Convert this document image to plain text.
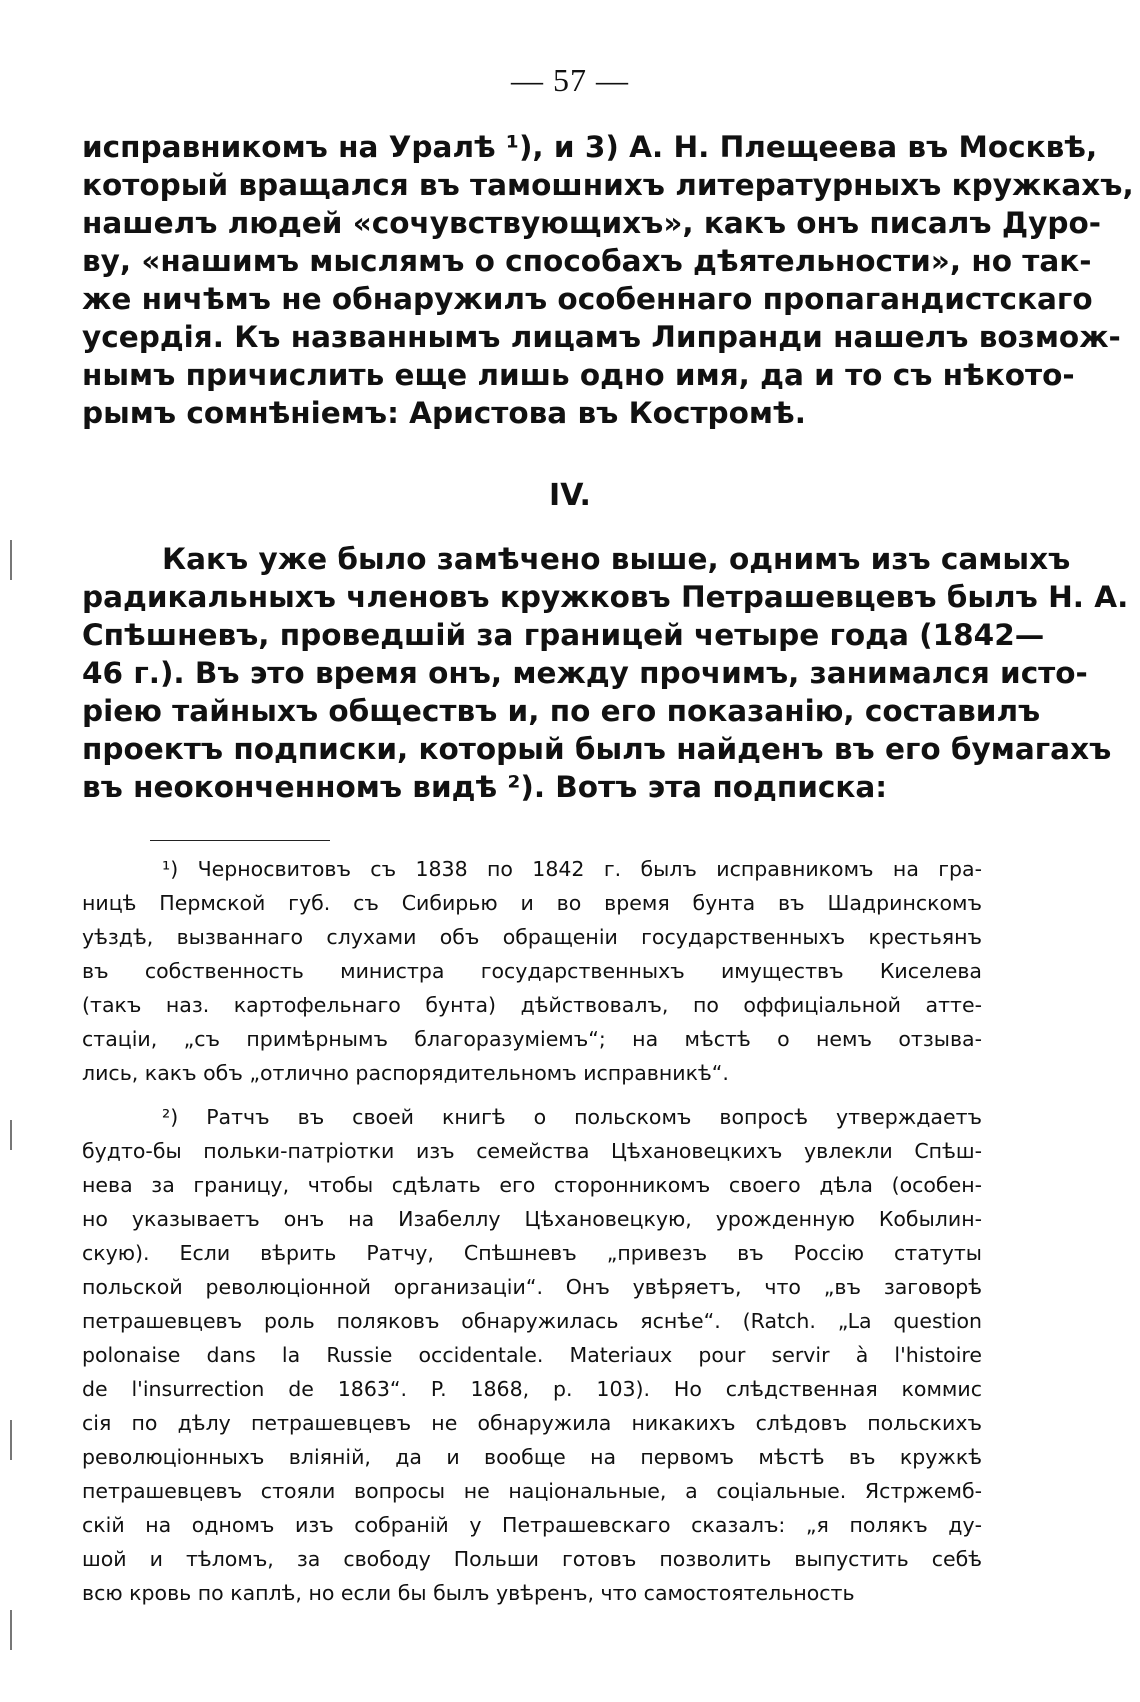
— 57 —
исправникомъ на Уралѣ ¹), и 3) А. Н. Плещеева въ Москвѣ,
который вращался въ тамошнихъ литературныхъ кружкахъ,
нашелъ людей «сочувствующихъ», какъ онъ писалъ Дуро-
ву, «нашимъ мыслямъ о способахъ дѣятельности», но так-
же ничѣмъ не обнаружилъ особеннаго пропагандистскаго
усердія. Къ названнымъ лицамъ Липранди нашелъ возмож-
нымъ причислить еще лишь одно имя, да и то съ нѣкото-
рымъ сомнѣніемъ: Аристова въ Костромѣ.
IV.
Какъ уже было замѣчено выше, однимъ изъ самыхъ
радикальныхъ членовъ кружковъ Петрашевцевъ былъ Н. А.
Спѣшневъ, проведшій за границей четыре года (1842—
46 г.). Въ это время онъ, между прочимъ, занимался исто-
ріею тайныхъ обществъ и, по его показанію, составилъ
проектъ подписки, который былъ найденъ въ его бумагахъ
въ неоконченномъ видѣ ²). Вотъ эта подписка:
¹) Черносвитовъ съ 1838 по 1842 г. былъ исправникомъ на гра-
ницѣ Пермской губ. съ Сибирью и во время бунта въ Шадринскомъ
уѣздѣ, вызваннаго слухами объ обращеніи государственныхъ крестьянъ
въ собственность министра государственныхъ имуществъ Киселева
(такъ наз. картофельнаго бунта) дѣйствовалъ, по оффиціальной атте-
стаціи, „съ примѣрнымъ благоразуміемъ“; на мѣстѣ о немъ отзыва-
лись, какъ объ „отлично распорядительномъ исправникѣ“.
²) Ратчъ въ своей книгѣ о польскомъ вопросѣ утверждаетъ
будто-бы польки-патріотки изъ семейства Цѣхановецкихъ увлекли Спѣш-
нева за границу, чтобы сдѣлать его сторонникомъ своего дѣла (особен-
но указываетъ онъ на Изабеллу Цѣхановецкую, урожденную Кобылин-
скую). Если вѣрить Ратчу, Спѣшневъ „привезъ въ Россію статуты
польской революціонной организаціи“. Онъ увѣряетъ, что „въ заговорѣ
петрашевцевъ роль поляковъ обнаружилась яснѣе“. (Ratch. „La question
polonaise dans la Russie occidentale. Materiaux pour servir à l'histoire
de l'insurrection de 1863“. P. 1868, p. 103). Но слѣдственная коммис
сія по дѣлу петрашевцевъ не обнаружила никакихъ слѣдовъ польскихъ
революціонныхъ вліяній, да и вообще на первомъ мѣстѣ въ кружкѣ
петрашевцевъ стояли вопросы не національные, а соціальные. Ястржемб-
скій на одномъ изъ собраній у Петрашевскаго сказалъ: „я полякъ ду-
шой и тѣломъ, за свободу Польши готовъ позволить выпустить себѣ
всю кровь по каплѣ, но если бы былъ увѣренъ, что самостоятельность
